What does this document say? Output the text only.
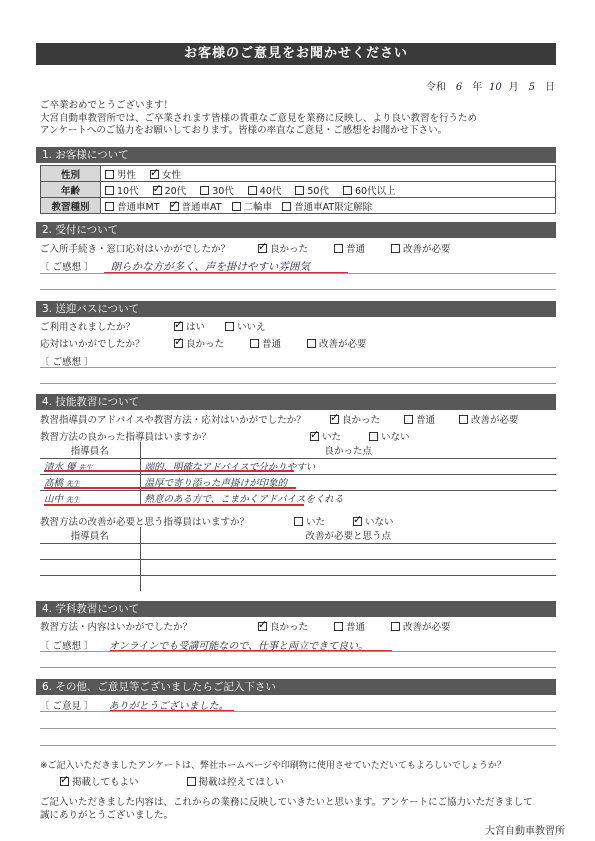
お客様のご意見をお聞かせください
令和 6 年 10 月 5 日
ご卒業おめでとうございます！
大宮自動車教習所では、ご卒業されます皆様の貴重なご意見を業務に反映し、より良い教習を行うため
アンケートへのご協力をお願いしております。皆様の率直なご意見・ご感想をお聞かせ下さい。
1. お客様について
性別	男性 ✓ 女性
年齢	10代 ✓ 20代 30代 40代 50代 60代以上
教習種別	普通車MT ✓ 普通車AT 二輪車 普通車AT限定解除
2. 受付について
ご入所手続き・窓口応対はいかがでしたか？ ✓	良かった	普通	改善が必要
〔 ご感想 〕 朗らかな方が多く、声を掛けやすい雰囲気
3. 送迎バスについて
ご利用されましたか？ ✓	はい	いいえ
応対はいかがでしたか？ ✓	良かった	普通	改善が必要
〔 ご感想 〕
4. 技能教習について
教習指導員のアドバイスや教習方法・応対はいかがでしたか？ ✓	良かった	普通	改善が必要
教習方法の良かった指導員はいますか？ ✓	いた	いない
指導員名	良かった点
清水 優 先生	端的、明確なアドバイスで分かりやすい
高橋 先生	温厚で寄り添った声掛けが印象的
山中 先生	熱意のある方で、こまかくアドバイスをくれる
教習方法の改善が必要と思う指導員はいますか？	いた ✓	いない
指導員名	改善が必要と思う点

4. 学科教習について
教習方法・内容はいかがでしたか？ ✓	良かった	普通	改善が必要
〔 ご感想 〕 オンラインでも受講可能なので、仕事と両立できて良い。
6. その他、ご意見等ございましたらご記入下さい
〔 ご意見 〕 ありがとうございました。
※ご記入いただきましたアンケートは、弊社ホームページや印刷物に使用させていただいてもよろしいでしょうか？
✓掲載してもよい	掲載は控えてほしい
ご記入いただきました内容は、これからの業務に反映していきたいと思います。アンケートにご協力いただきまして
誠にありがとうございました。
大宮自動車教習所
